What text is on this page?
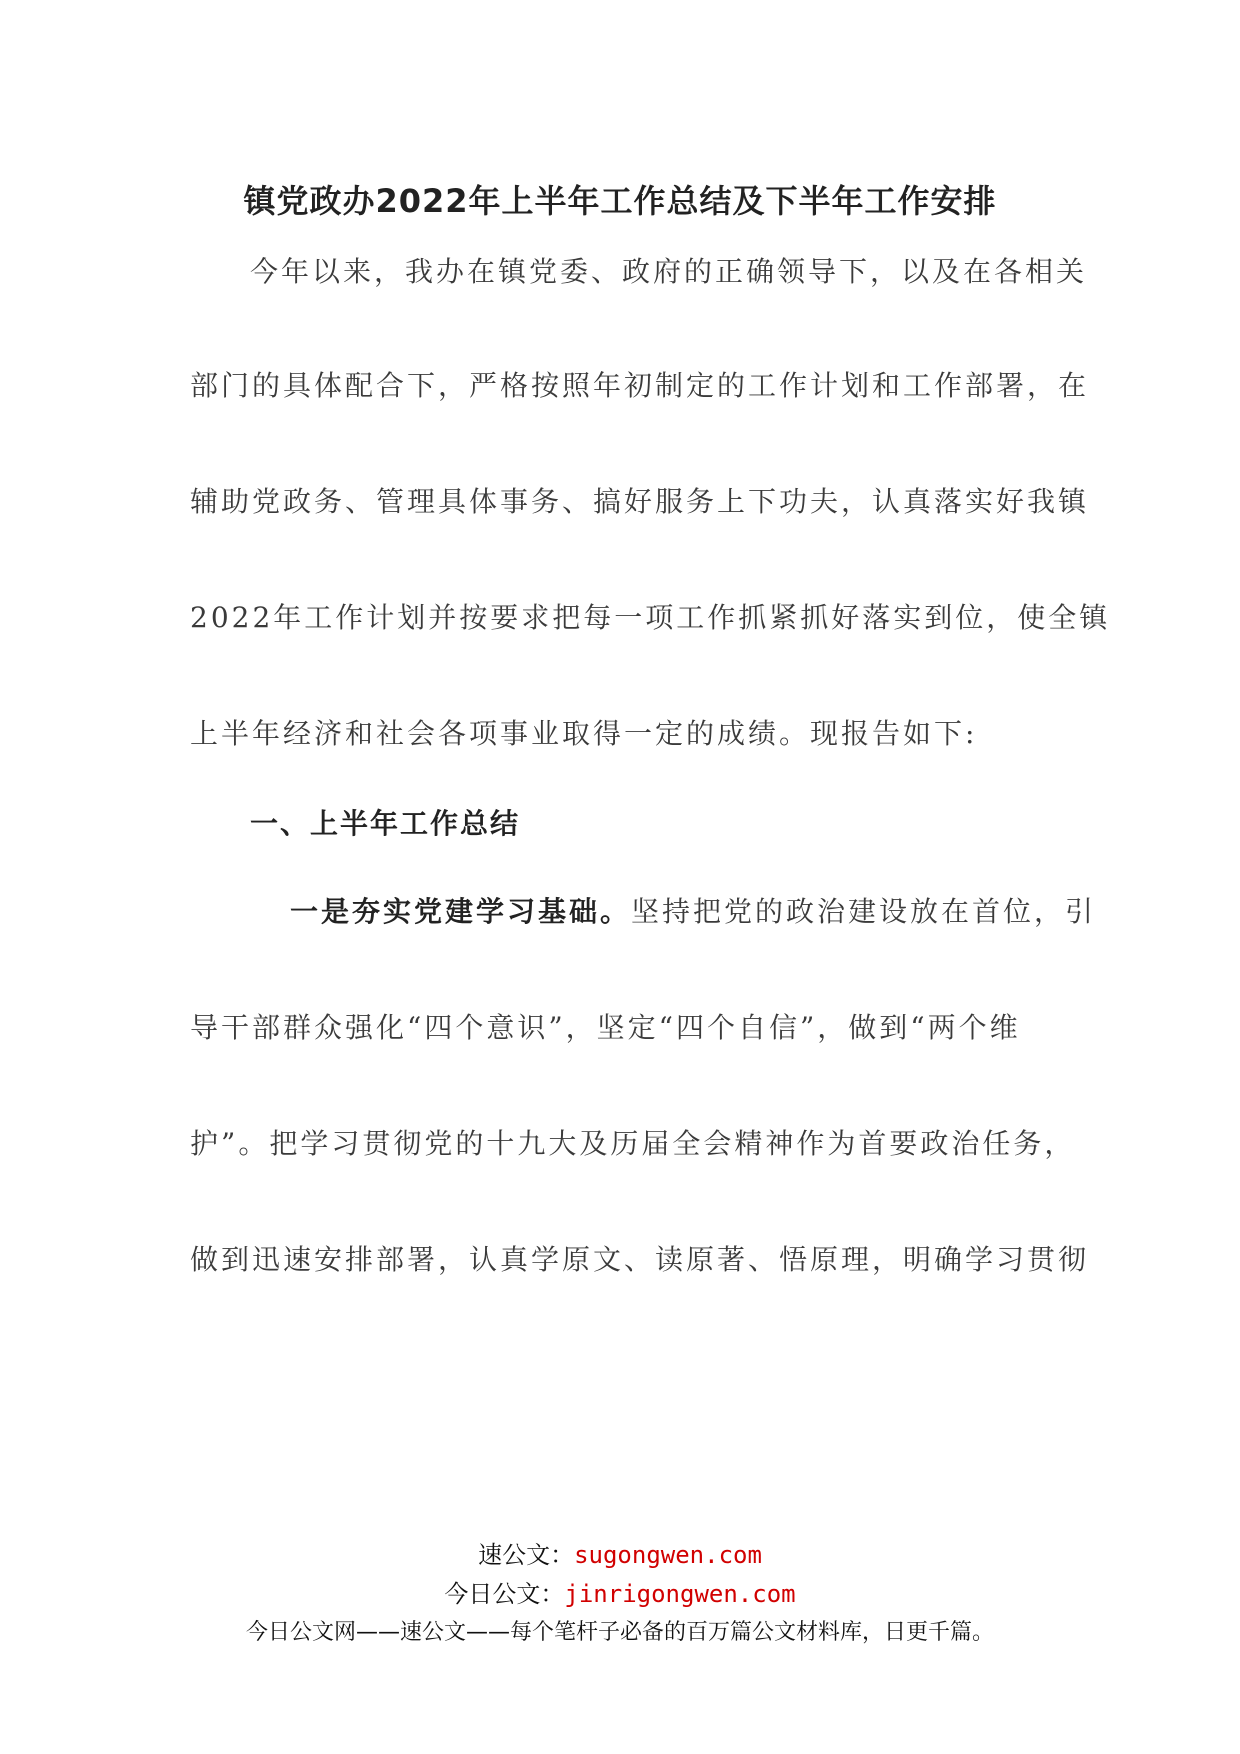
镇党政办2022年上半年工作总结及下半年工作安排
今年以来，我办在镇党委、政府的正确领导下，以及在各相关
部门的具体配合下，严格按照年初制定的工作计划和工作部署，在
辅助党政务、管理具体事务、搞好服务上下功夫，认真落实好我镇
2022年工作计划并按要求把每一项工作抓紧抓好落实到位，使全镇
上半年经济和社会各项事业取得一定的成绩。现报告如下:
一、上半年工作总结
一是夯实党建学习基础。坚持把党的政治建设放在首位，引
导干部群众强化“四个意识”，坚定“四个自信”，做到“两个维
护”。把学习贯彻党的十九大及历届全会精神作为首要政治任务，
做到迅速安排部署，认真学原文、读原著、悟原理，明确学习贯彻
速公文：sugongwen.com
今日公文：jinrigongwen.com
今日公文网——速公文——每个笔杆子必备的百万篇公文材料库，日更千篇。
